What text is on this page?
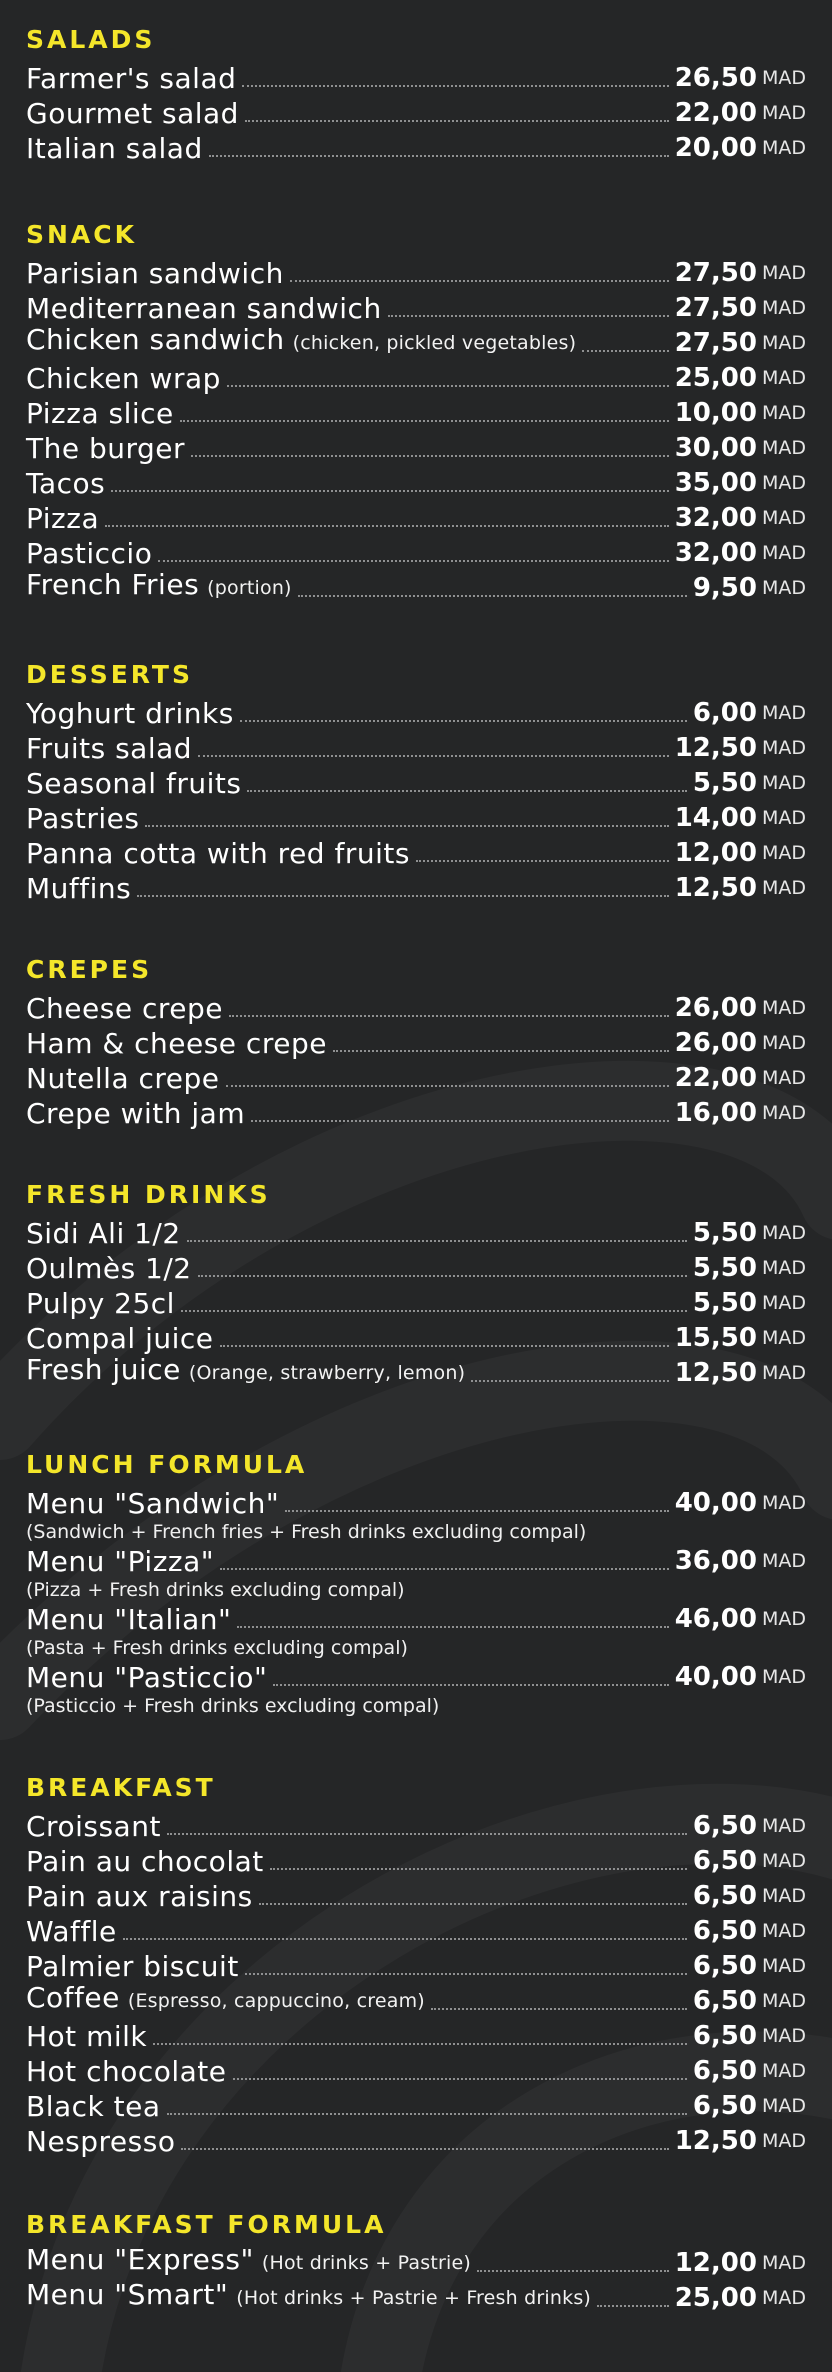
SALADS
Farmer's salad	26,50 MAD
Gourmet salad	22,00 MAD
Italian salad	20,00 MAD
SNACK
Parisian sandwich	27,50 MAD
Mediterranean sandwich	27,50 MAD
Chicken sandwich (chicken, pickled vegetables)	27,50 MAD
Chicken wrap	25,00 MAD
Pizza slice	10,00 MAD
The burger	30,00 MAD
Tacos	35,00 MAD
Pizza	32,00 MAD
Pasticcio	32,00 MAD
French Fries (portion)	9,50 MAD
DESSERTS
Yoghurt drinks	6,00 MAD
Fruits salad	12,50 MAD
Seasonal fruits	5,50 MAD
Pastries	14,00 MAD
Panna cotta with red fruits	12,00 MAD
Muffins	12,50 MAD
CREPES
Cheese crepe	26,00 MAD
Ham & cheese crepe	26,00 MAD
Nutella crepe	22,00 MAD
Crepe with jam	16,00 MAD
FRESH DRINKS
Sidi Ali 1/2	5,50 MAD
Oulmès 1/2	5,50 MAD
Pulpy 25cl	5,50 MAD
Compal juice	15,50 MAD
Fresh juice (Orange, strawberry, lemon)	12,50 MAD
LUNCH FORMULA
Menu "Sandwich"	40,00 MAD
(Sandwich + French fries + Fresh drinks excluding compal)
Menu "Pizza"	36,00 MAD
(Pizza + Fresh drinks excluding compal)
Menu "Italian"	46,00 MAD
(Pasta + Fresh drinks excluding compal)
Menu "Pasticcio"	40,00 MAD
(Pasticcio + Fresh drinks excluding compal)
BREAKFAST
Croissant	6,50 MAD
Pain au chocolat	6,50 MAD
Pain aux raisins	6,50 MAD
Waffle	6,50 MAD
Palmier biscuit	6,50 MAD
Coffee (Espresso, cappuccino, cream)	6,50 MAD
Hot milk	6,50 MAD
Hot chocolate	6,50 MAD
Black tea	6,50 MAD
Nespresso	12,50 MAD
BREAKFAST FORMULA
Menu "Express" (Hot drinks + Pastrie)	12,00 MAD
Menu "Smart" (Hot drinks + Pastrie + Fresh drinks)	25,00 MAD
